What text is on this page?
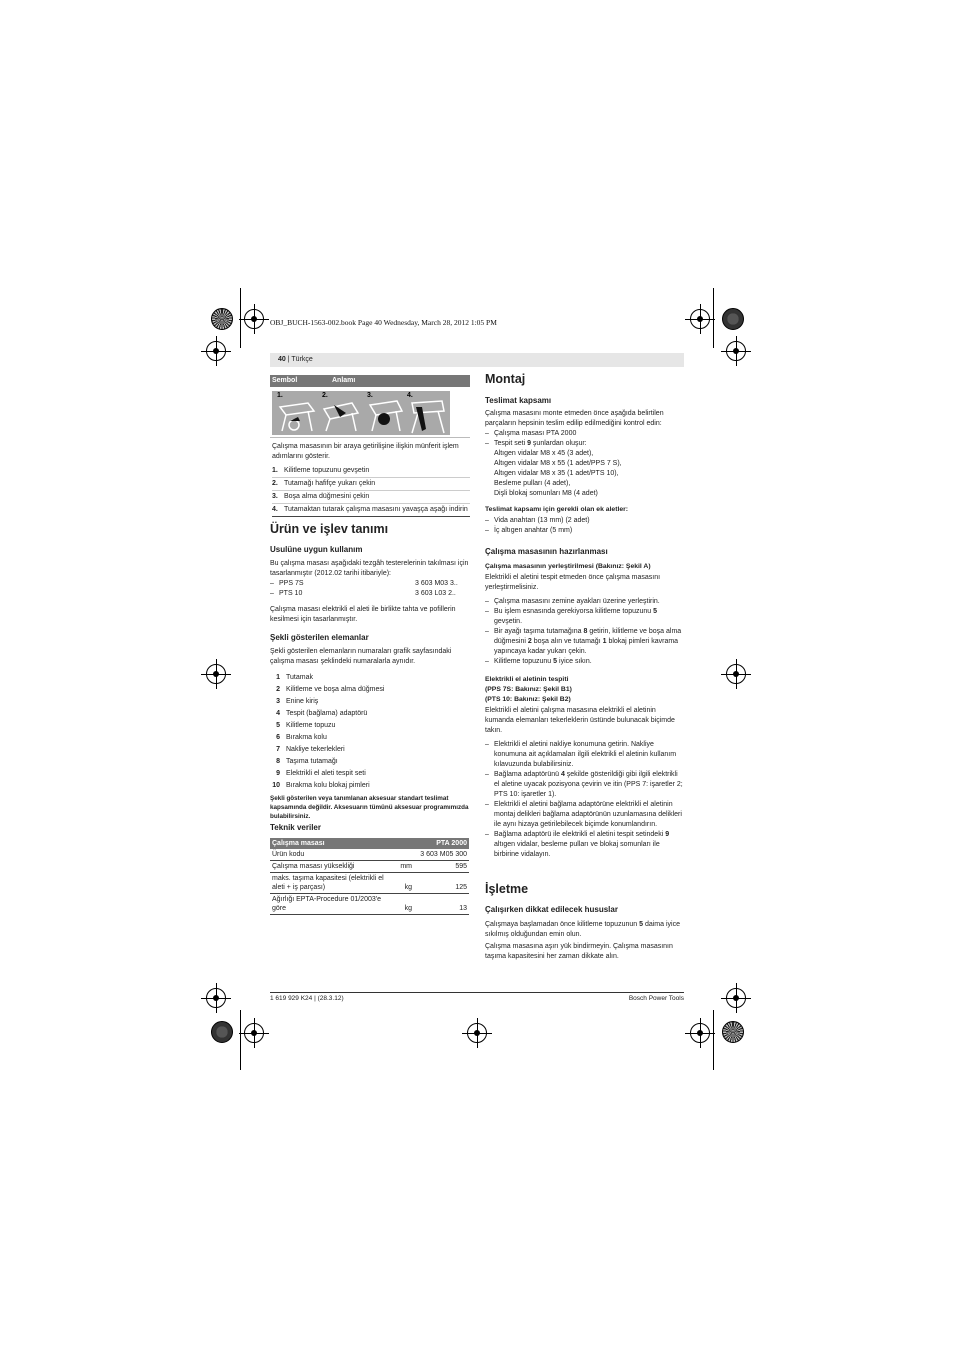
OBJ_BUCH-1563-002.book Page 40 Wednesday, March 28, 2012 1:05 PM
40 | Türkçe
Sembol	Anlamı
1.	2.	3.	4.
Çalışma masasının bir araya getirilişine ilişkin münferit işlem adımlarını gösterir.
1. Kilitleme topuzunu gevşetin
2. Tutamağı hafifçe yukarı çekin
3. Boşa alma düğmesini çekin
4. Tutamaktan tutarak çalışma masasını yavaşça aşağı indirin
Ürün ve işlev tanımı
Usulüne uygun kullanım
Bu çalışma masası aşağıdaki tezgâh testerelerinin takılması için tasarlanmıştır (2012.02 tarihi itibariyle):
– PPS 7S	3 603 M03 3..
– PTS 10	3 603 L03 2..
Çalışma masası elektrikli el aleti ile birlikte tahta ve pofillerin kesilmesi için tasarlanmıştır.
Şekli gösterilen elemanlar
Şekli gösterilen elemanların numaraları grafik sayfasındaki çalışma masası şeklindeki numaralarla aynıdır.
1 Tutamak
2 Kilitleme ve boşa alma düğmesi
3 Enine kiriş
4 Tespit (bağlama) adaptörü
5 Kilitleme topuzu
6 Bırakma kolu
7 Nakliye tekerlekleri
8 Taşıma tutamağı
9 Elektrikli el aleti tespit seti
10 Bırakma kolu blokaj pimleri
Şekli gösterilen veya tanımlanan aksesuar standart teslimat kapsamında değildir. Aksesuarın tümünü aksesuar programımızda bulabilirsiniz.
Teknik veriler
Çalışma masası		PTA 2000
Ürün kodu		3 603 M05 300
Çalışma masası yüksekliği	mm	595
maks. taşıma kapasitesi (elektrikli el aleti + iş parçası)	kg	125
Ağırlığı EPTA-Procedure 01/2003'e göre	kg	13
Montaj
Teslimat kapsamı
Çalışma masasını monte etmeden önce aşağıda belirtilen parçaların hepsinin teslim edilip edilmediğini kontrol edin:
– Çalışma masası PTA 2000
– Tespit seti 9 şunlardan oluşur:
Altıgen vidalar M8 x 45 (3 adet),
Altıgen vidalar M8 x 55 (1 adet/PPS 7 S),
Altıgen vidalar M8 x 35 (1 adet/PTS 10),
Besleme pulları (4 adet),
Dişli blokaj somunları M8 (4 adet)
Teslimat kapsamı için gerekli olan ek aletler:
– Vida anahtarı (13 mm) (2 adet)
– İç altıgen anahtar (5 mm)
Çalışma masasının hazırlanması
Çalışma masasının yerleştirilmesi (Bakınız: Şekil A)
Elektrikli el aletini tespit etmeden önce çalışma masasını yerleştirmelisiniz.
– Çalışma masasını zemine ayakları üzerine yerleştirin.
– Bu işlem esnasında gerekiyorsa kilitleme topuzunu 5 gevşetin.
– Bir ayağı taşıma tutamağına 8 getirin, kilitleme ve boşa alma düğmesini 2 boşa alın ve tutamağı 1 blokaj pimleri kavrama yapıncaya kadar yukarı çekin.
– Kilitleme topuzunu 5 iyice sıkın.
Elektrikli el aletinin tespiti
(PPS 7S: Bakınız: Şekil B1)
(PTS 10: Bakınız: Şekil B2)
Elektrikli el aletini çalışma masasına elektrikli el aletinin kumanda elemanları tekerleklerin üstünde bulunacak biçimde takın.
– Elektrikli el aletini nakliye konumuna getirin. Nakliye konumuna ait açıklamaları ilgili elektrikli el aletinin kullanım kılavuzunda bulabilirsiniz.
– Bağlama adaptörünü 4 şekilde gösterildiği gibi ilgili elektrikli el aletine uyacak pozisyona çevirin ve itin (PPS 7: işaretler 2; PTS 10: işaretler 1).
– Elektrikli el aletini bağlama adaptörüne elektrikli el aletinin montaj delikleri bağlama adaptörünün uzunlamasına delikleri ile aynı hizaya getirilebilecek biçimde konumlandırın.
– Bağlama adaptörü ile elektrikli el aletini tespit setindeki 9 altıgen vidalar, besleme pulları ve blokaj somunları ile birbirine vidalayın.
İşletme
Çalışırken dikkat edilecek hususlar
Çalışmaya başlamadan önce kilitleme topuzunun 5 daima iyice sıkılmış olduğundan emin olun.
Çalışma masasına aşırı yük bindirmeyin. Çalışma masasının taşıma kapasitesini her zaman dikkate alın.
1 619 929 K24 | (28.3.12)	Bosch Power Tools
